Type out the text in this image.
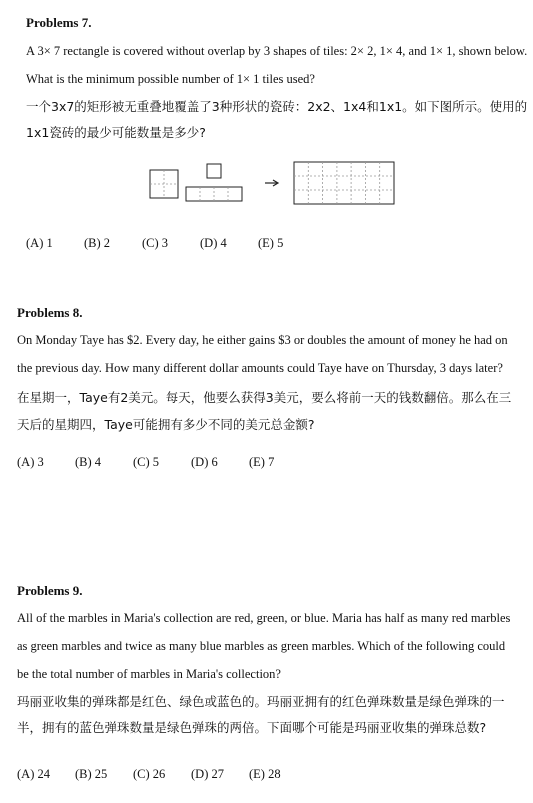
Problems 7.
A 3× 7 rectangle is covered without overlap by 3 shapes of tiles: 2× 2, 1× 4, and 1× 1, shown below.
What is the minimum possible number of 1× 1 tiles used?
一个3x7的矩形被无重叠地覆盖了3种形状的瓷砖：2x2、1x4和1x1。如下图所示。使用的
1x1瓷砖的最少可能数量是多少?
(A) 1	(B) 2	(C) 3	(D) 4	(E) 5
Problems 8.
On Monday Taye has $2. Every day, he either gains $3 or doubles the amount of money he had on
the previous day. How many different dollar amounts could Taye have on Thursday, 3 days later?
在星期一，Taye有2美元。每天，他要么获得3美元，要么将前一天的钱数翻倍。那么在三
天后的星期四，Taye可能拥有多少不同的美元总金额?
(A) 3	(B) 4	(C) 5	(D) 6	(E) 7
Problems 9.
All of the marbles in Maria's collection are red, green, or blue. Maria has half as many red marbles
as green marbles and twice as many blue marbles as green marbles. Which of the following could
be the total number of marbles in Maria's collection?
玛丽亚收集的弹珠都是红色、绿色或蓝色的。玛丽亚拥有的红色弹珠数量是绿色弹珠的一
半，拥有的蓝色弹珠数量是绿色弹珠的两倍。下面哪个可能是玛丽亚收集的弹珠总数?
(A) 24	(B) 25	(C) 26	(D) 27	(E) 28
